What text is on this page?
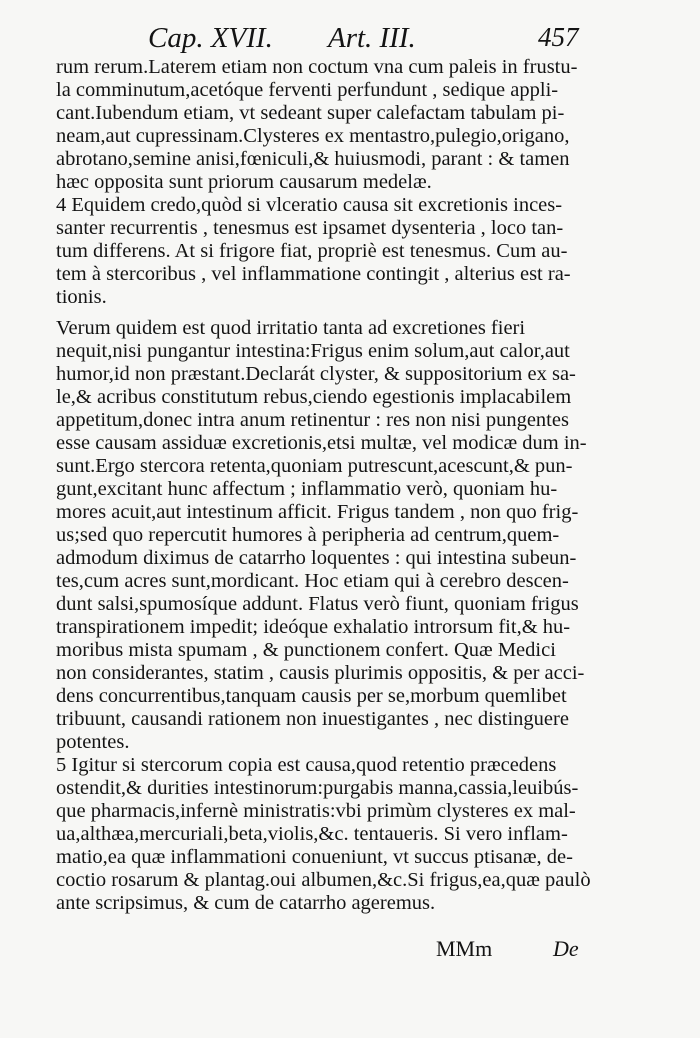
Cap. XVII. Art. III.	457
rum rerum.Laterem etiam non coctum vna cum paleis in frustu-
la comminutum,acetóque ferventi perfundunt , sedique appli-
cant.Iubendum etiam, vt sedeant super calefactam tabulam pi-
neam,aut cupressinam.Clysteres ex mentastro,pulegio,origano,
abrotano,semine anisi,fœniculi,& huiusmodi, parant : & tamen
hæc opposita sunt priorum causarum medelæ.
4 Equidem credo,quòd si vlceratio causa sit excretionis inces-
santer recurrentis , tenesmus est ipsamet dysenteria , loco tan-
tum differens. At si frigore fiat, propriè est tenesmus. Cum au-
tem à stercoribus , vel inflammatione contingit , alterius est ra-
tionis.
Verum quidem est quod irritatio tanta ad excretiones fieri
nequit,nisi pungantur intestina:Frigus enim solum,aut calor,aut
humor,id non præstant.Declarát clyster, & suppositorium ex sa-
le,& acribus constitutum rebus,ciendo egestionis implacabilem
appetitum,donec intra anum retinentur : res non nisi pungentes
esse causam assiduæ excretionis,etsi multæ, vel modicæ dum in-
sunt.Ergo stercora retenta,quoniam putrescunt,acescunt,& pun-
gunt,excitant hunc affectum ; inflammatio verò, quoniam hu-
mores acuit,aut intestinum afficit. Frigus tandem , non quo frig-
us;sed quo repercutit humores à peripheria ad centrum,quem-
admodum diximus de catarrho loquentes : qui intestina subeun-
tes,cum acres sunt,mordicant. Hoc etiam qui à cerebro descen-
dunt salsi,spumosíque addunt. Flatus verò fiunt, quoniam frigus
transpirationem impedit; ideóque exhalatio introrsum fit,& hu-
moribus mista spumam , & punctionem confert. Quæ Medici
non considerantes, statim , causis plurimis oppositis, & per acci-
dens concurrentibus,tanquam causis per se,morbum quemlibet
tribuunt, causandi rationem non inuestigantes , nec distinguere
potentes.
5 Igitur si stercorum copia est causa,quod retentio præcedens
ostendit,& durities intestinorum:purgabis manna,cassia,leuibús-
que pharmacis,infernè ministratis:vbi primùm clysteres ex mal-
ua,althæa,mercuriali,beta,violis,&c. tentaueris. Si vero inflam-
matio,ea quæ inflammationi conueniunt, vt succus ptisanæ, de-
coctio rosarum & plantag.oui albumen,&c.Si frigus,ea,quæ paulò
ante scripsimus, & cum de catarrho ageremus.
MMm	De
